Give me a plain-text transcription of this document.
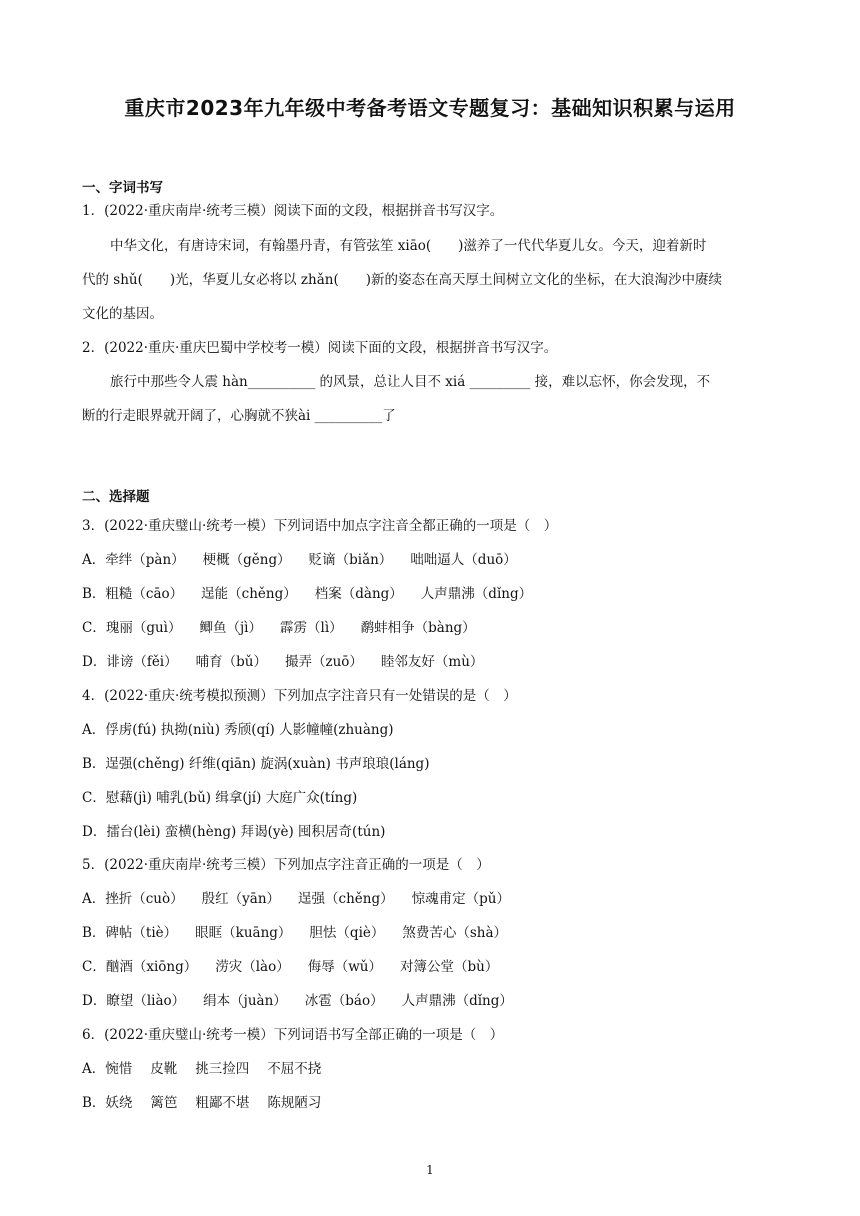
重庆市2023年九年级中考备考语文专题复习：基础知识积累与运用
一、字词书写
1．(2022·重庆南岸·统考三模）阅读下面的文段，根据拼音书写汉字。
中华文化，有唐诗宋词，有翰墨丹青，有管弦笙 xiāo(　　)滋养了一代代华夏儿女。今天，迎着新时
代的 shǔ(　　)光，华夏儿女必将以 zhǎn(　　)新的姿态在高天厚土间树立文化的坐标，在大浪淘沙中赓续
文化的基因。
2．(2022·重庆·重庆巴蜀中学校考一模）阅读下面的文段，根据拼音书写汉字。
旅行中那些令人震 hàn__________ 的风景，总让人目不 xiá _________ 接，难以忘怀，你会发现，不
断的行走眼界就开阔了，心胸就不狭ài __________了
二、选择题
3．(2022·重庆璧山·统考一模）下列词语中加点字注音全都正确的一项是（　）
A．牵绊（pàn） 梗概（gěng） 贬谪（biǎn） 咄咄逼人（duō）
B．粗糙（cāo） 逞能（chěng） 档案（dàng） 人声鼎沸（dǐng）
C．瑰丽（guì） 鲫鱼（jì） 霹雳（lì） 鹬蚌相争（bàng）
D．诽谤（fěi） 哺育（bǔ） 撮弄（zuō） 睦邻友好（mù）
4．(2022·重庆·统考模拟预测）下列加点字注音只有一处错误的是（　）
A．俘虏(fú) 执拗(niù) 秀颀(qí) 人影幢幢(zhuàng)
B．逞强(chěng) 纤维(qiān) 旋涡(xuàn) 书声琅琅(láng)
C．慰藉(jì) 哺乳(bǔ) 缉拿(jí) 大庭广众(tíng)
D．擂台(lèi) 蛮横(hèng) 拜谒(yè) 囤积居奇(tún)
5．(2022·重庆南岸·统考三模）下列加点字注音正确的一项是（　）
A．挫折（cuò） 殷红（yān） 逞强（chěng） 惊魂甫定（pǔ）
B．碑帖（tiè） 眼眶（kuāng） 胆怯（qiè） 煞费苦心（shà）
C．酗酒（xiōng） 涝灾（lào） 侮辱（wǔ） 对簿公堂（bù）
D．瞭望（liào） 绢本（juàn） 冰雹（báo） 人声鼎沸（dǐng）
6．(2022·重庆璧山·统考一模）下列词语书写全部正确的一项是（　）
A．惋惜 皮靴 挑三捡四 不屈不挠
B．妖绕 篱笆 粗鄙不堪 陈规陋习
1
